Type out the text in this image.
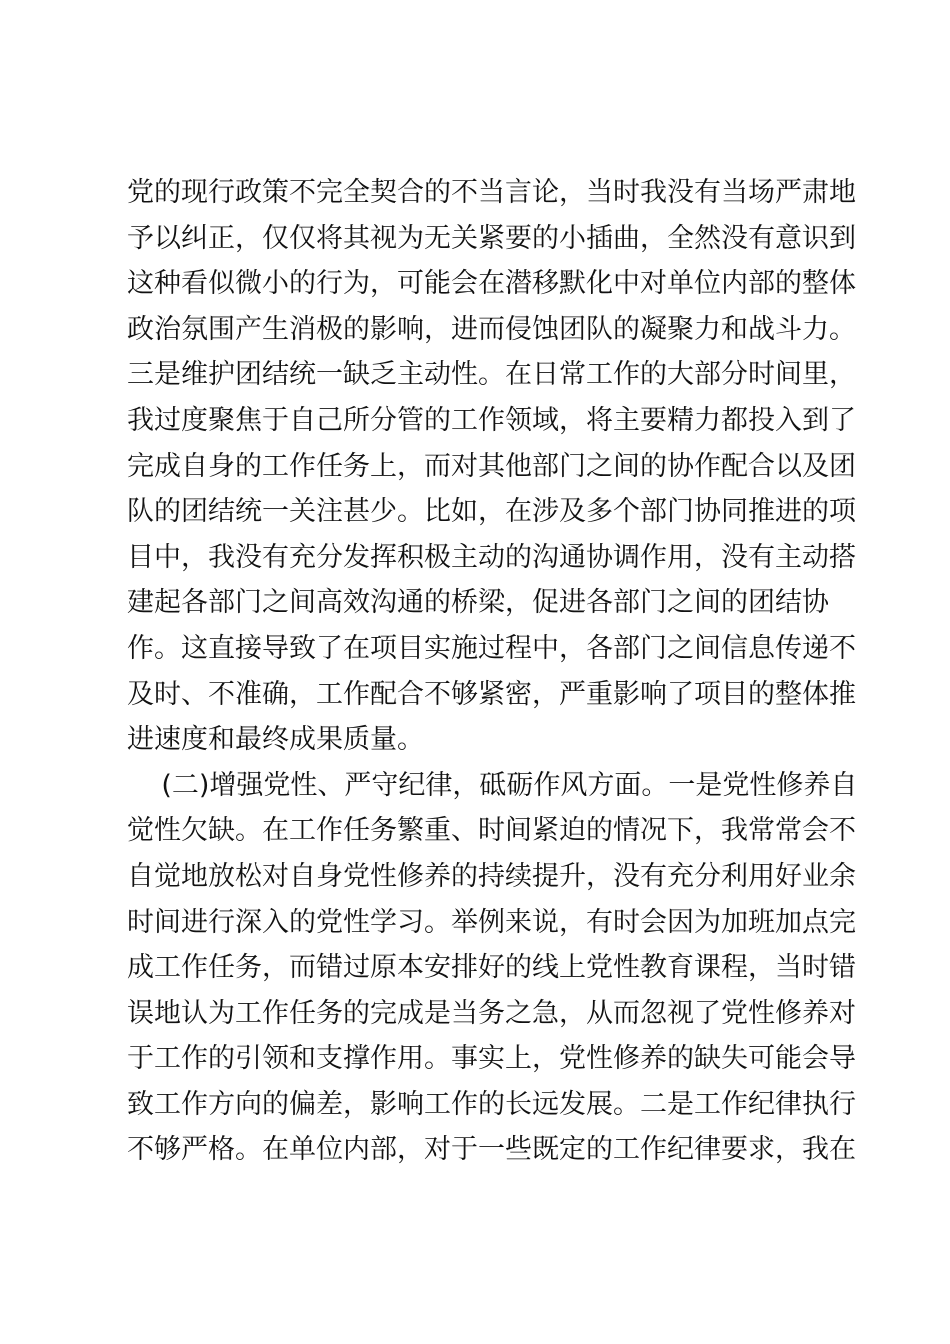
党的现行政策不完全契合的不当言论，当时我没有当场严肃地
予以纠正，仅仅将其视为无关紧要的小插曲，全然没有意识到
这种看似微小的行为，可能会在潜移默化中对单位内部的整体
政治氛围产生消极的影响，进而侵蚀团队的凝聚力和战斗力。
三是维护团结统一缺乏主动性。在日常工作的大部分时间里，
我过度聚焦于自己所分管的工作领域，将主要精力都投入到了
完成自身的工作任务上，而对其他部门之间的协作配合以及团
队的团结统一关注甚少。比如，在涉及多个部门协同推进的项
目中，我没有充分发挥积极主动的沟通协调作用，没有主动搭
建起各部门之间高效沟通的桥梁，促进各部门之间的团结协
作。这直接导致了在项目实施过程中，各部门之间信息传递不
及时、不准确，工作配合不够紧密，严重影响了项目的整体推
进速度和最终成果质量。
(二)增强党性、严守纪律，砥砺作风方面。一是党性修养自
觉性欠缺。在工作任务繁重、时间紧迫的情况下，我常常会不
自觉地放松对自身党性修养的持续提升，没有充分利用好业余
时间进行深入的党性学习。举例来说，有时会因为加班加点完
成工作任务，而错过原本安排好的线上党性教育课程，当时错
误地认为工作任务的完成是当务之急，从而忽视了党性修养对
于工作的引领和支撑作用。事实上，党性修养的缺失可能会导
致工作方向的偏差，影响工作的长远发展。二是工作纪律执行
不够严格。在单位内部，对于一些既定的工作纪律要求，我在
